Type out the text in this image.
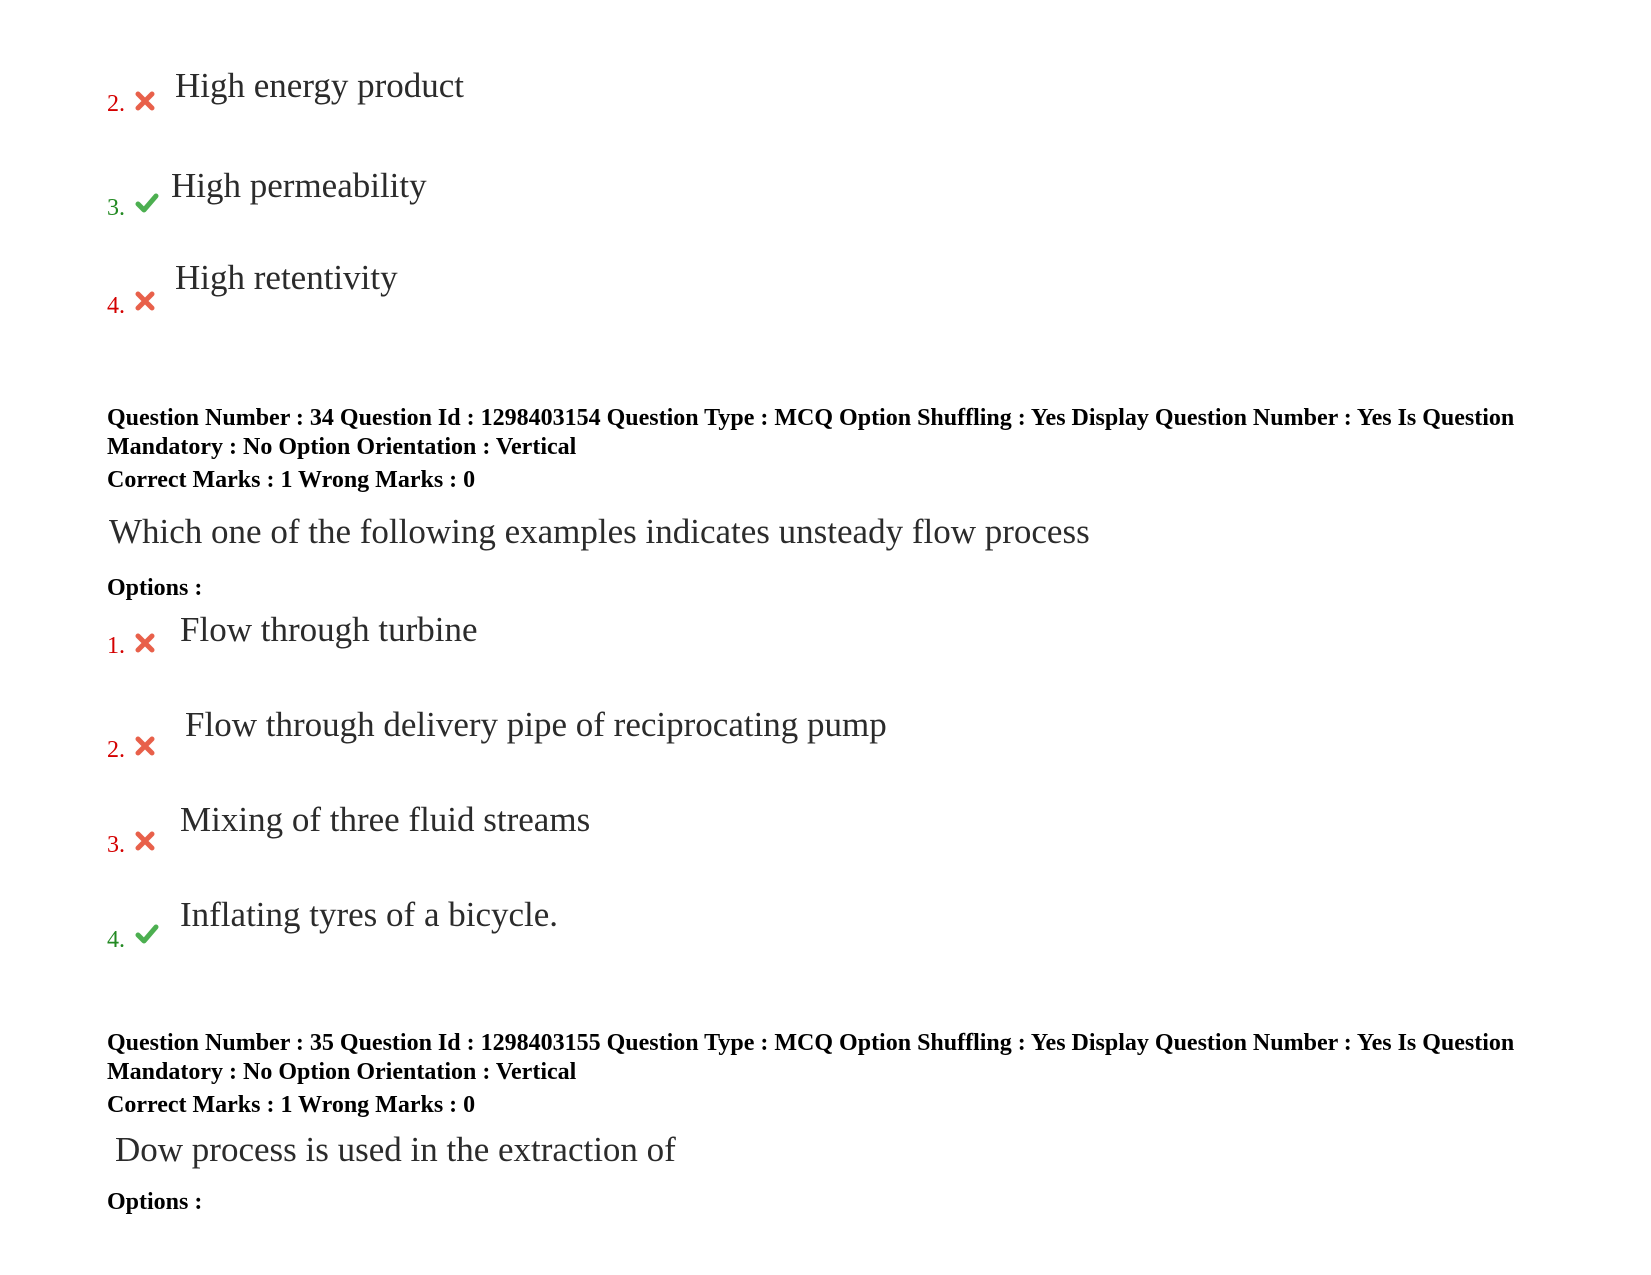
2. High energy product
3.
High permeability
4.
High retentivity

Question Number : 34 Question Id : 1298403154 Question Type : MCQ Option Shuffling : Yes Display Question Number : Yes Is Question Mandatory : No Option Orientation : Vertical

Correct Marks : 1 Wrong Marks : 0

Which one of the following examples indicates unsteady flow process
Options :
1. Flow through turbine
2.
Flow through delivery pipe of reciprocating pump
3.
Mixing of three fluid streams
4.
Inflating tyres of a bicycle.

Question Number : 35 Question Id : 1298403155 Question Type : MCQ Option Shuffling : Yes Display Question Number : Yes Is Question Mandatory : No Option Orientation : Vertical

Correct Marks : 1 Wrong Marks : 0

Dow process is used in the extraction of
Options :
